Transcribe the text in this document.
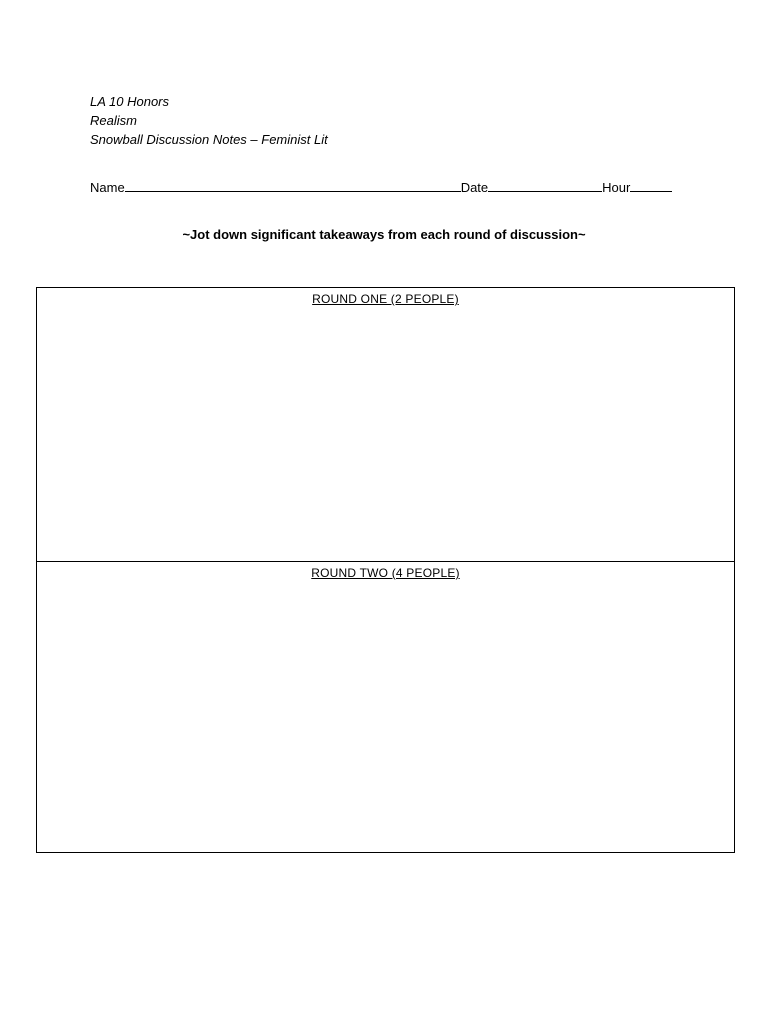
LA 10 Honors
Realism
Snowball Discussion Notes – Feminist Lit
Name	Date	Hour
~Jot down significant takeaways from each round of discussion~
ROUND ONE (2 PEOPLE)
ROUND TWO (4 PEOPLE)
